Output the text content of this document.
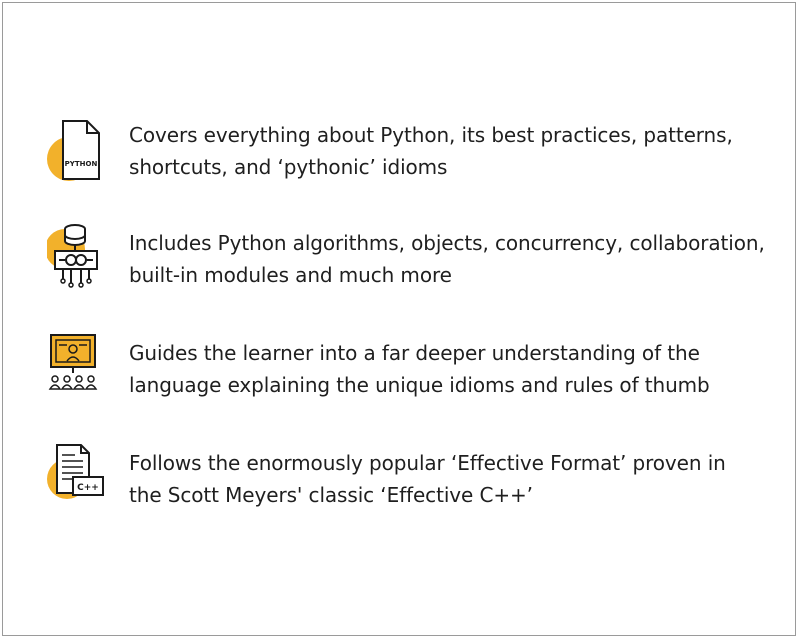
PYTHON
Covers everything about Python, its best practices, patterns,
shortcuts, and ‘pythonic’ idioms
Includes Python algorithms, objects, concurrency, collaboration,
built-in modules and much more
Guides the learner into a far deeper understanding of the
language explaining the unique idioms and rules of thumb
C++
Follows the enormously popular ‘Effective Format’ proven in
the Scott Meyers' classic ‘Effective C++’
